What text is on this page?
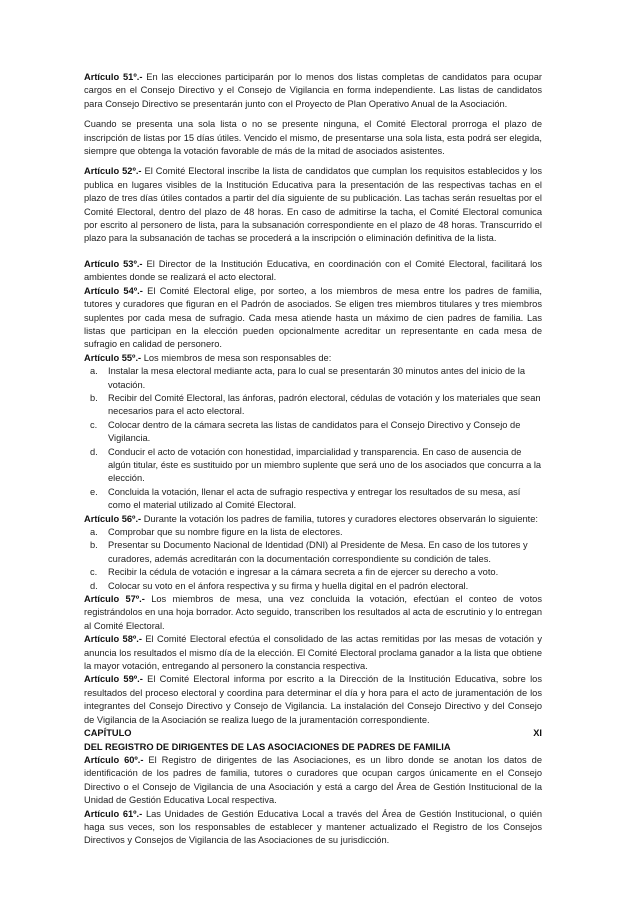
Artículo 51º.- En las elecciones participarán por lo menos dos listas completas de candidatos para ocupar cargos en el Consejo Directivo y el Consejo de Vigilancia en forma independiente. Las listas de candidatos para Consejo Directivo se presentarán junto con el Proyecto de Plan Operativo Anual de la Asociación.

Cuando se presenta una sola lista o no se presente ninguna, el Comité Electoral prorroga el plazo de inscripción de listas por 15 días útiles. Vencido el mismo, de presentarse una sola lista, esta podrá ser elegida, siempre que obtenga la votación favorable de más de la mitad de asociados asistentes.

Artículo 52º.- El Comité Electoral inscribe la lista de candidatos que cumplan los requisitos establecidos y los publica en lugares visibles de la Institución Educativa para la presentación de las respectivas tachas en el plazo de tres días útiles contados a partir del día siguiente de su publicación. Las tachas serán resueltas por el Comité Electoral, dentro del plazo de 48 horas. En caso de admitirse la tacha, el Comité Electoral comunica por escrito al personero de lista, para la subsanación correspondiente en el plazo de 48 horas. Transcurrido el plazo para la subsanación de tachas se procederá a la inscripción o eliminación definitiva de la lista.

Artículo 53º.- El Director de la Institución Educativa, en coordinación con el Comité Electoral, facilitará los ambientes donde se realizará el acto electoral.

Artículo 54º.- El Comité Electoral elige, por sorteo, a los miembros de mesa entre los padres de familia, tutores y curadores que figuran en el Padrón de asociados. Se eligen tres miembros titulares y tres miembros suplentes por cada mesa de sufragio. Cada mesa atiende hasta un máximo de cien padres de familia. Las listas que participan en la elección pueden opcionalmente acreditar un representante en cada mesa de sufragio en calidad de personero.

Artículo 55º.- Los miembros de mesa son responsables de:

a. Instalar la mesa electoral mediante acta, para lo cual se presentarán 30 minutos antes del inicio de la votación.
b. Recibir del Comité Electoral, las ánforas, padrón electoral, cédulas de votación y los materiales que sean necesarios para el acto electoral.
c. Colocar dentro de la cámara secreta las listas de candidatos para el Consejo Directivo y Consejo de Vigilancia.
d. Conducir el acto de votación con honestidad, imparcialidad y transparencia. En caso de ausencia de algún titular, éste es sustituido por un miembro suplente que será uno de los asociados que concurra a la elección.
e. Concluida la votación, llenar el acta de sufragio respectiva y entregar los resultados de su mesa, así como el material utilizado al Comité Electoral.

Artículo 56º.- Durante la votación los padres de familia, tutores y curadores electores observarán lo siguiente:

a. Comprobar que su nombre figure en la lista de electores.
b. Presentar su Documento Nacional de Identidad (DNI) al Presidente de Mesa. En caso de los tutores y curadores, además acreditarán con la documentación correspondiente su condición de tales.
c. Recibir la cédula de votación e ingresar a la cámara secreta a fin de ejercer su derecho a voto.
d. Colocar su voto en el ánfora respectiva y su firma y huella digital en el padrón electoral.

Artículo 57º.- Los miembros de mesa, una vez concluida la votación, efectúan el conteo de votos registrándolos en una hoja borrador. Acto seguido, transcriben los resultados al acta de escrutinio y lo entregan al Comité Electoral.

Artículo 58º.- El Comité Electoral efectúa el consolidado de las actas remitidas por las mesas de votación y anuncia los resultados el mismo día de la elección. El Comité Electoral proclama ganador a la lista que obtiene la mayor votación, entregando al personero la constancia respectiva.

Artículo 59º.- El Comité Electoral informa por escrito a la Dirección de la Institución Educativa, sobre los resultados del proceso electoral y coordina para determinar el día y hora para el acto de juramentación de los integrantes del Consejo Directivo y Consejo de Vigilancia. La instalación del Consejo Directivo y del Consejo de Vigilancia de la Asociación se realiza luego de la juramentación correspondiente.

CAPÍTULO	XI

DEL REGISTRO DE DIRIGENTES DE LAS ASOCIACIONES DE PADRES DE FAMILIA

Artículo 60º.- El Registro de dirigentes de las Asociaciones, es un libro donde se anotan los datos de identificación de los padres de familia, tutores o curadores que ocupan cargos únicamente en el Consejo Directivo o el Consejo de Vigilancia de una Asociación y está a cargo del Área de Gestión Institucional de la Unidad de Gestión Educativa Local respectiva.

Artículo 61º.- Las Unidades de Gestión Educativa Local a través del Área de Gestión Institucional, o quién haga sus veces, son los responsables de establecer y mantener actualizado el Registro de los Consejos Directivos y Consejos de Vigilancia de las Asociaciones de su jurisdicción.
